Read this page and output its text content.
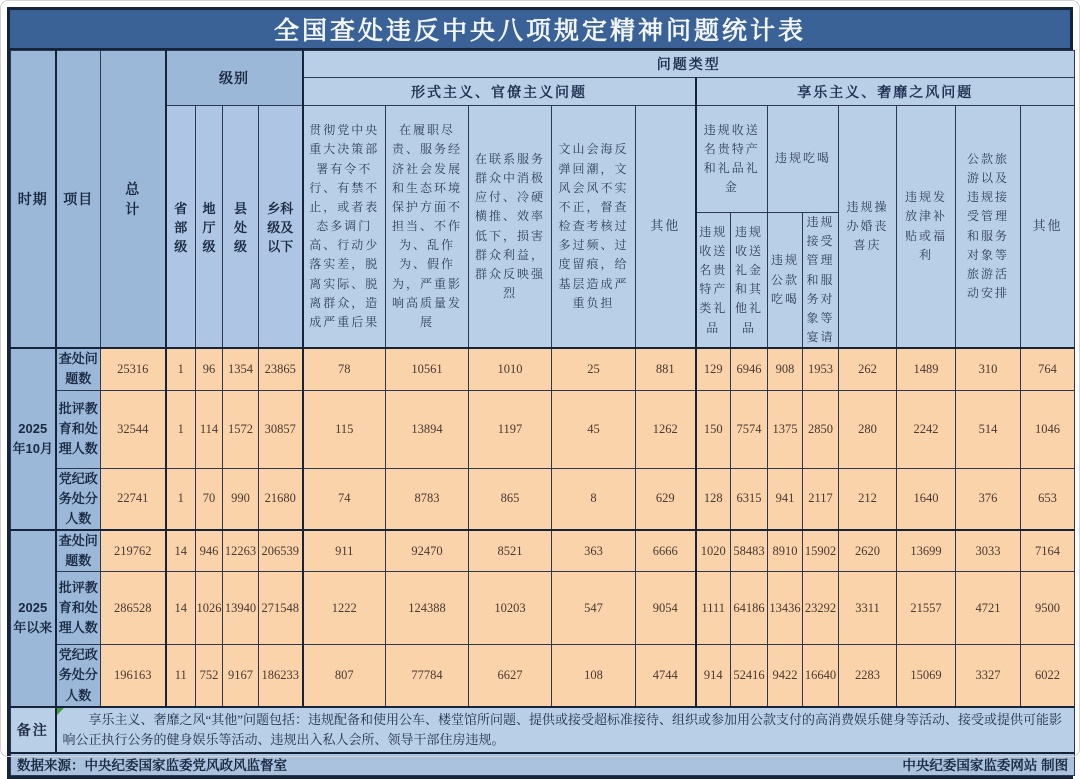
全国查处违反中央八项规定精神问题统计表
时期	项目	总计	级别				问题类型												
							形式主义、官僚主义问题					享乐主义、奢靡之风问题							
			省部级	地厅级	县处级	乡科级及以下	贯彻党中央重大决策部署有令不行、有禁不止，或者表态多调门高、行动少落实差，脱离实际、脱离群众，造成严重后果	在履职尽责、服务经济社会发展和生态环境保护方面不担当、不作为、乱作为、假作为，严重影响高质量发展	在联系服务群众中消极应付、冷硬横推、效率低下，损害群众利益，群众反映强烈	文山会海反弹回潮，文风会风不实不正，督查检查考核过多过频、过度留痕，给基层造成严重负担	其他	违规收送名贵特产和礼品礼金		违规吃喝		违规操办婚丧喜庆	违规发放津补贴或福利	公款旅游以及违规接受管理和服务对象等旅游活动安排	其他
												违规收送名贵特产类礼品	违规收送礼金和其他礼品	违规公款吃喝	违规接受管理和服务对象等宴请				
2025年10月	查处问题数	25316	1	96	1354	23865	78	10561	1010	25	881	129	6946	908	1953	262	1489	310	764
	批评教育和处理人数	32544	1	114	1572	30857	115	13894	1197	45	1262	150	7574	1375	2850	280	2242	514	1046
	党纪政务处分人数	22741	1	70	990	21680	74	8783	865	8	629	128	6315	941	2117	212	1640	376	653
2025年以来	查处问题数	219762	14	946	12263	206539	911	92470	8521	363	6666	1020	58483	8910	15902	2620	13699	3033	7164
	批评教育和处理人数	286528	14	1026	13940	271548	1222	124388	10203	547	9054	1111	64186	13436	23292	3311	21557	4721	9500
	党纪政务处分人数	196163	11	752	9167	186233	807	77784	6627	108	4744	914	52416	9422	16640	2283	15069	3327	6022
备注	享乐主义、奢靡之风“其他”问题包括：违规配备和使用公车、楼堂馆所问题、提供或接受超标准接待、组织或参加用公款支付的高消费娱乐健身等活动、接受或提供可能影响公正执行公务的健身娱乐等活动、违规出入私人会所、领导干部住房违规。																		

数据来源：中央纪委国家监委党风政风监督室 中央纪委国家监委网站 制图																			
